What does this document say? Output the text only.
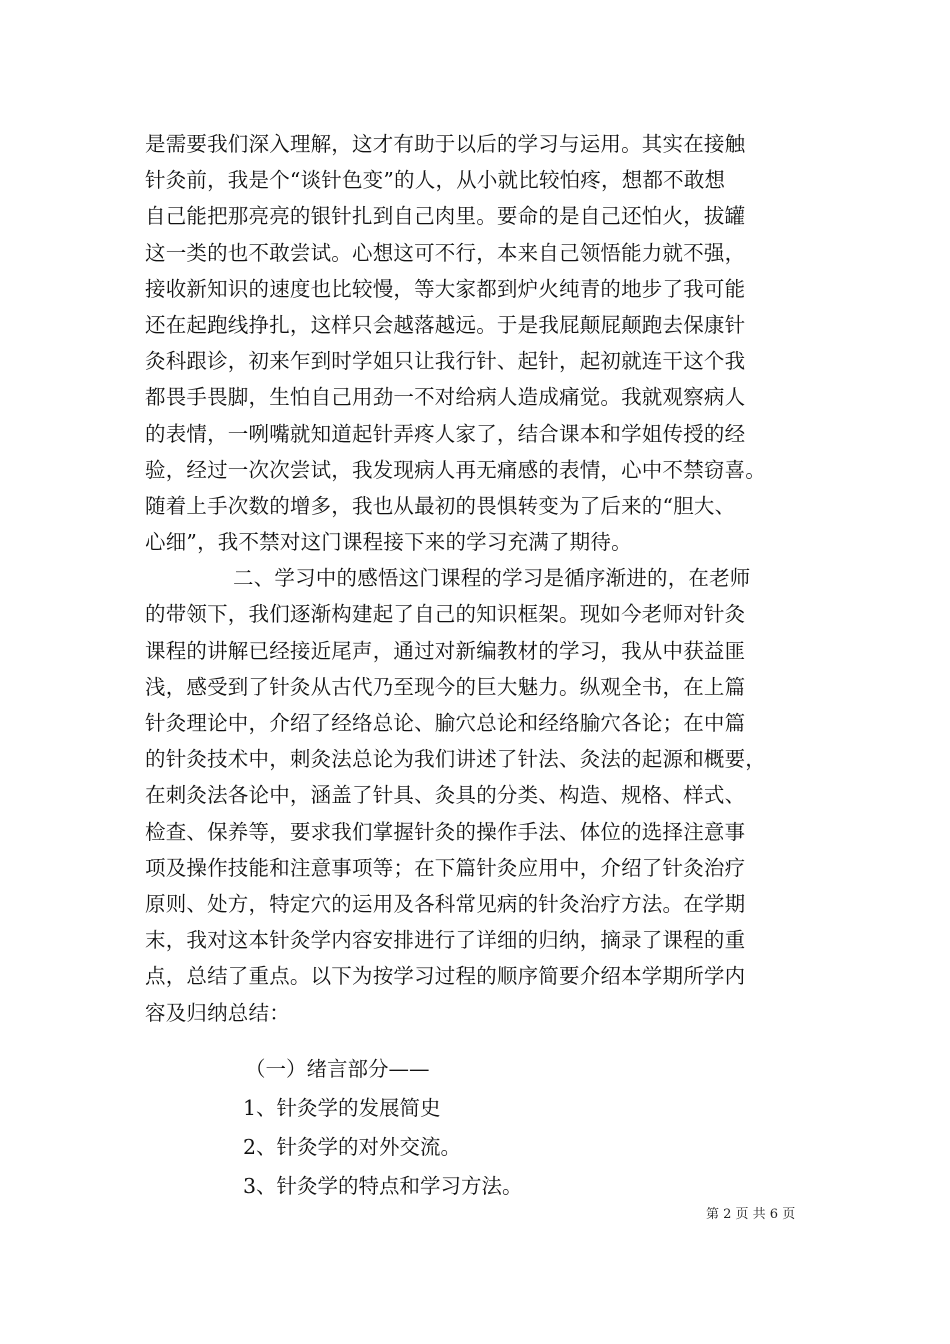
是需要我们深入理解，这才有助于以后的学习与运用。其实在接触
针灸前，我是个“谈针色变”的人，从小就比较怕疼，想都不敢想
自己能把那亮亮的银针扎到自己肉里。要命的是自己还怕火，拔罐
这一类的也不敢尝试。心想这可不行，本来自己领悟能力就不强，
接收新知识的速度也比较慢，等大家都到炉火纯青的地步了我可能
还在起跑线挣扎，这样只会越落越远。于是我屁颠屁颠跑去保康针
灸科跟诊，初来乍到时学姐只让我行针、起针，起初就连干这个我
都畏手畏脚，生怕自己用劲一不对给病人造成痛觉。我就观察病人
的表情，一咧嘴就知道起针弄疼人家了，结合课本和学姐传授的经
验，经过一次次尝试，我发现病人再无痛感的表情，心中不禁窃喜。
随着上手次数的增多，我也从最初的畏惧转变为了后来的“胆大、
心细”，我不禁对这门课程接下来的学习充满了期待。
二、学习中的感悟这门课程的学习是循序渐进的，在老师
的带领下，我们逐渐构建起了自己的知识框架。现如今老师对针灸
课程的讲解已经接近尾声，通过对新编教材的学习，我从中获益匪
浅，感受到了针灸从古代乃至现今的巨大魅力。纵观全书，在上篇
针灸理论中，介绍了经络总论、腧穴总论和经络腧穴各论；在中篇
的针灸技术中，刺灸法总论为我们讲述了针法、灸法的起源和概要，
在刺灸法各论中，涵盖了针具、灸具的分类、构造、规格、样式、
检查、保养等，要求我们掌握针灸的操作手法、体位的选择注意事
项及操作技能和注意事项等；在下篇针灸应用中，介绍了针灸治疗
原则、处方，特定穴的运用及各科常见病的针灸治疗方法。在学期
末，我对这本针灸学内容安排进行了详细的归纳，摘录了课程的重
点，总结了重点。以下为按学习过程的顺序简要介绍本学期所学内
容及归纳总结：
（一）绪言部分——
1、针灸学的发展简史
2、针灸学的对外交流。
3、针灸学的特点和学习方法。
第 2 页 共 6 页
